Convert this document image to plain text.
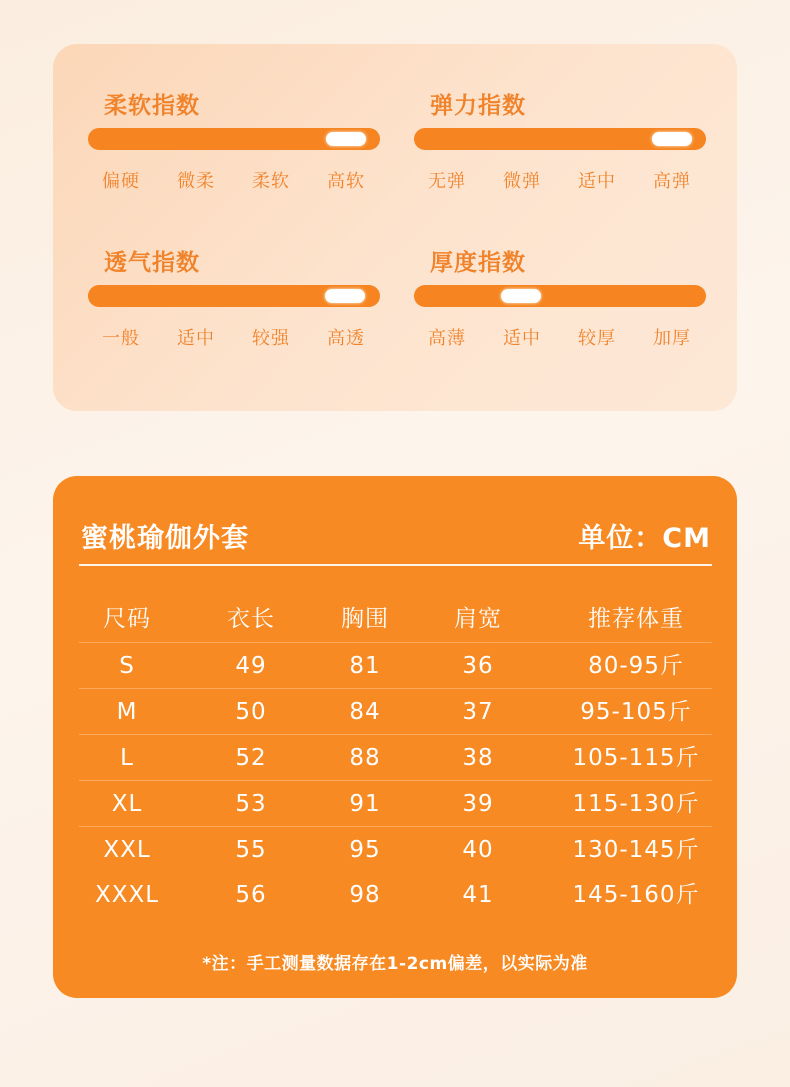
柔软指数
偏硬	微柔	柔软	高软
弹力指数
无弹	微弹	适中	高弹
透气指数
一般	适中	较强	高透
厚度指数
高薄	适中	较厚	加厚
蜜桃瑜伽外套	单位：CM
尺码	衣长	胸围	肩宽	推荐体重
S	49	81	36	80-95斤
M	50	84	37	95-105斤
L	52	88	38	105-115斤
XL	53	91	39	115-130斤
XXL	55	95	40	130-145斤
XXXL	56	98	41	145-160斤
*注：手工测量数据存在1-2cm偏差，以实际为准
